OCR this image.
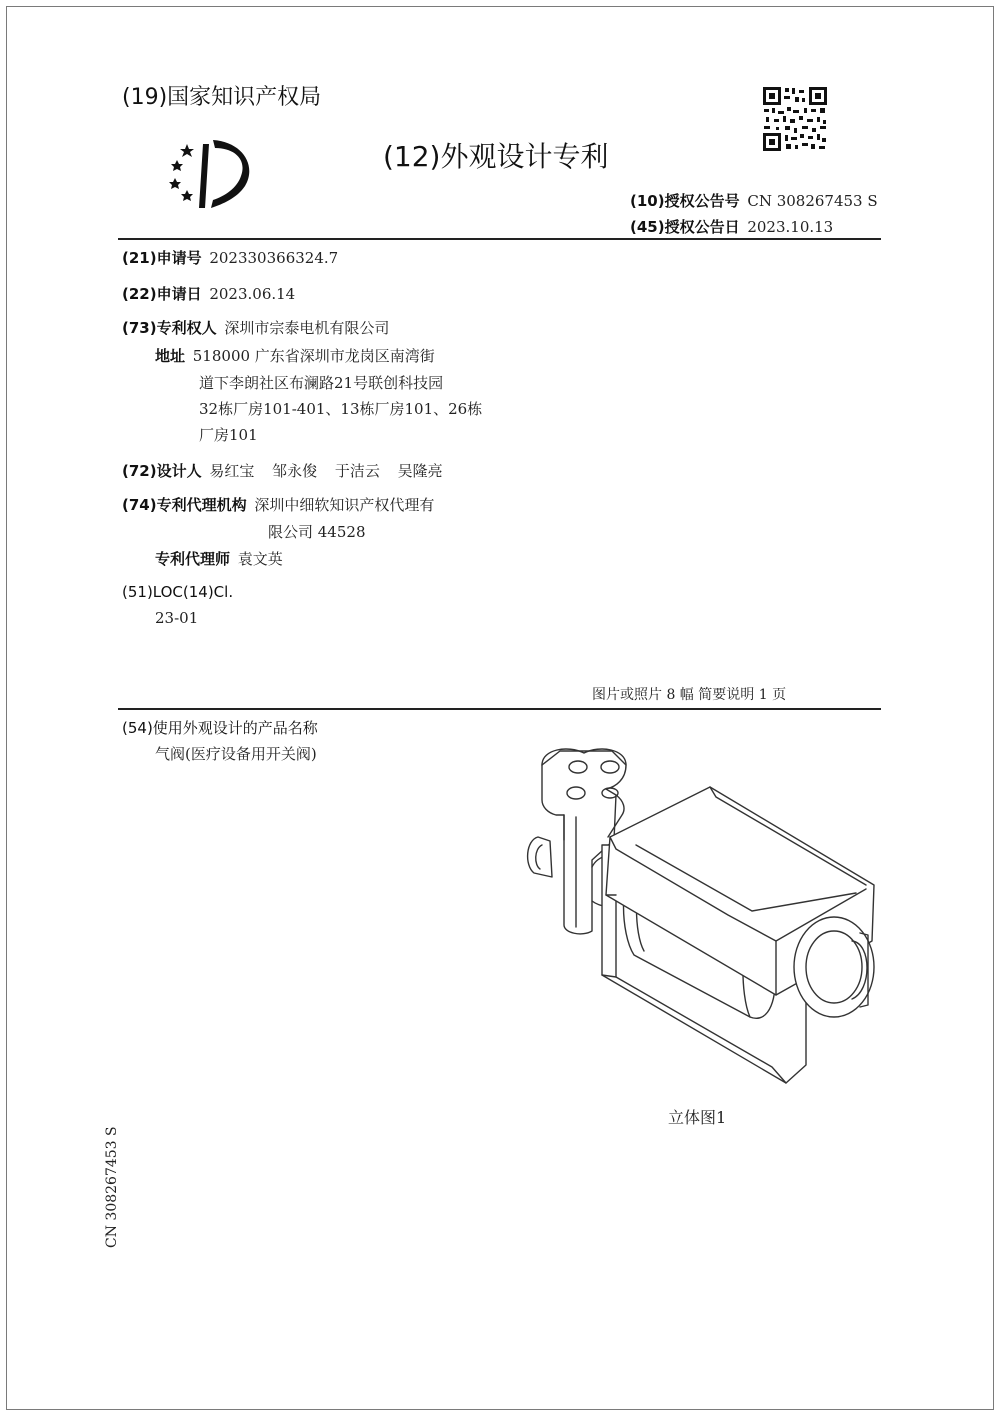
(19)国家知识产权局
(12)外观设计专利
(10)授权公告号 CN 308267453 S
(45)授权公告日 2023.10.13
(21)申请号 202330366324.7
(22)申请日 2023.06.14
(73)专利权人 深圳市宗泰电机有限公司
地址 518000 广东省深圳市龙岗区南湾街
道下李朗社区布澜路21号联创科技园
32栋厂房101-401、13栋厂房101、26栋
厂房101
(72)设计人 易红宝 邹永俊 于洁云 吴隆亮
(74)专利代理机构 深圳中细软知识产权代理有
限公司 44528
专利代理师 袁文英
(51)LOC(14)Cl.
23-01
图片或照片 8 幅 简要说明 1 页
(54)使用外观设计的产品名称
气阀(医疗设备用开关阀)
立体图1
CN 308267453 S
